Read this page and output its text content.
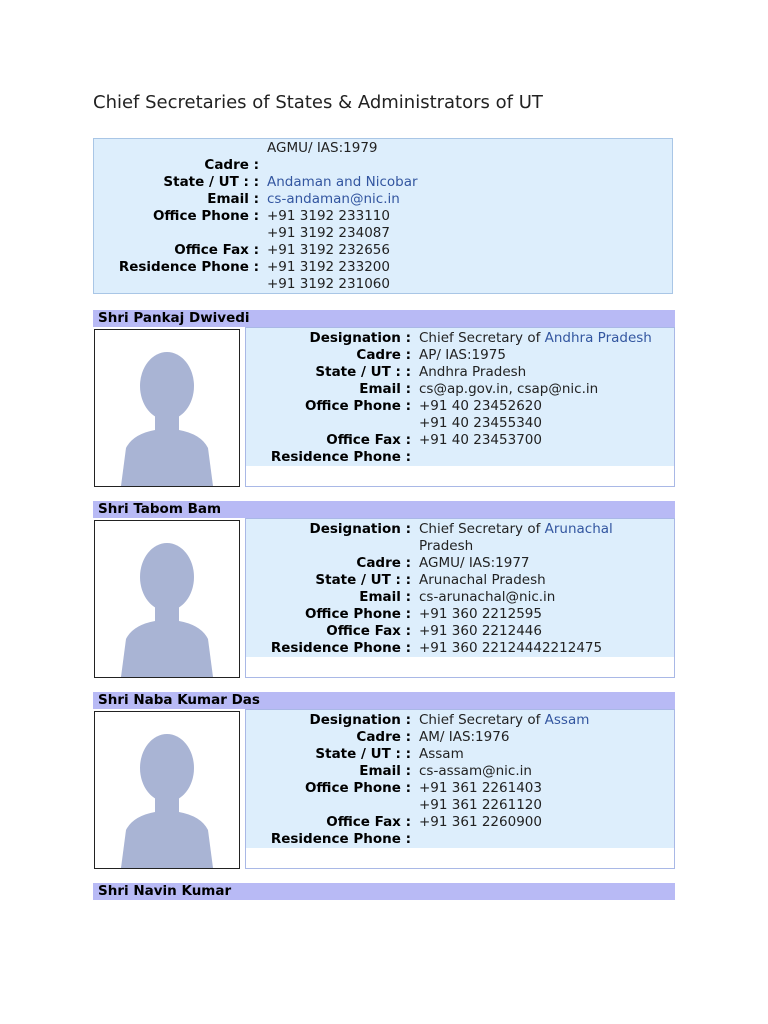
Chief Secretaries of States & Administrators of UT
AGMU/ IAS:1979
Cadre :
State / UT : : Andaman and Nicobar
Email : cs-andaman@nic.in
Office Phone : +91 3192 233110
+91 3192 234087
Office Fax : +91 3192 232656
Residence Phone : +91 3192 233200
+91 3192 231060
Shri Pankaj Dwivedi
Designation : Chief Secretary of Andhra Pradesh
Cadre : AP/ IAS:1975
State / UT : : Andhra Pradesh
Email : cs@ap.gov.in, csap@nic.in
Office Phone : +91 40 23452620
+91 40 23455340
Office Fax : +91 40 23453700
Residence Phone :
Shri Tabom Bam
Designation : Chief Secretary of Arunachal
Pradesh
Cadre : AGMU/ IAS:1977
State / UT : : Arunachal Pradesh
Email : cs-arunachal@nic.in
Office Phone : +91 360 2212595
Office Fax : +91 360 2212446
Residence Phone : +91 360 22124442212475
Shri Naba Kumar Das
Designation : Chief Secretary of Assam
Cadre : AM/ IAS:1976
State / UT : : Assam
Email : cs-assam@nic.in
Office Phone : +91 361 2261403
+91 361 2261120
Office Fax : +91 361 2260900
Residence Phone :
Shri Navin Kumar
